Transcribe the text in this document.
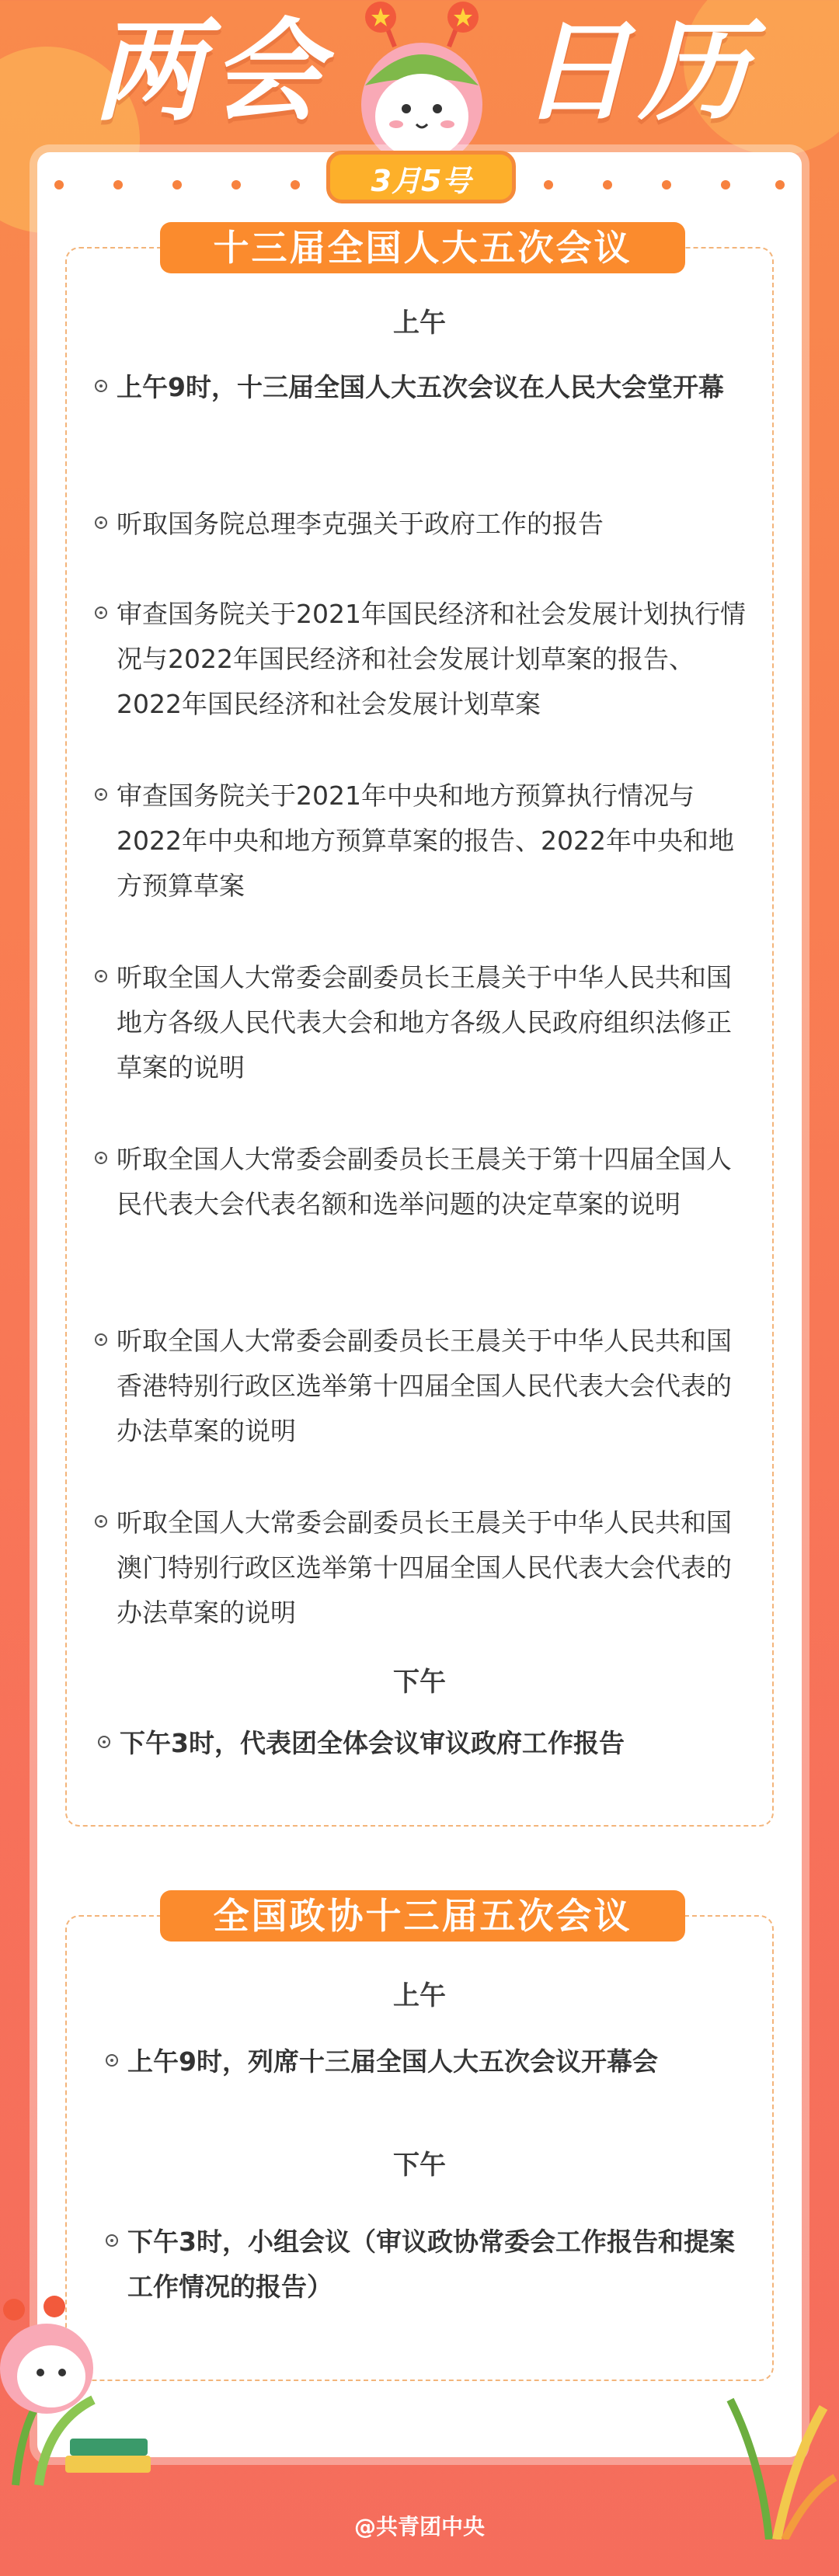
两会 日历
3月5号
十三届全国人大五次会议
上午
上午9时，十三届全国人大五次会议在人民大会堂开幕
听取国务院总理李克强关于政府工作的报告
审查国务院关于2021年国民经济和社会发展计划执行情况与2022年国民经济和社会发展计划草案的报告、2022年国民经济和社会发展计划草案
审查国务院关于2021年中央和地方预算执行情况与2022年中央和地方预算草案的报告、2022年中央和地方预算草案
听取全国人大常委会副委员长王晨关于中华人民共和国地方各级人民代表大会和地方各级人民政府组织法修正草案的说明
听取全国人大常委会副委员长王晨关于第十四届全国人民代表大会代表名额和选举问题的决定草案的说明
听取全国人大常委会副委员长王晨关于中华人民共和国香港特别行政区选举第十四届全国人民代表大会代表的办法草案的说明
听取全国人大常委会副委员长王晨关于中华人民共和国澳门特别行政区选举第十四届全国人民代表大会代表的办法草案的说明
下午
下午3时，代表团全体会议审议政府工作报告
全国政协十三届五次会议
上午
上午9时，列席十三届全国人大五次会议开幕会
下午
下午3时，小组会议（审议政协常委会工作报告和提案工作情况的报告）
@共青团中央
